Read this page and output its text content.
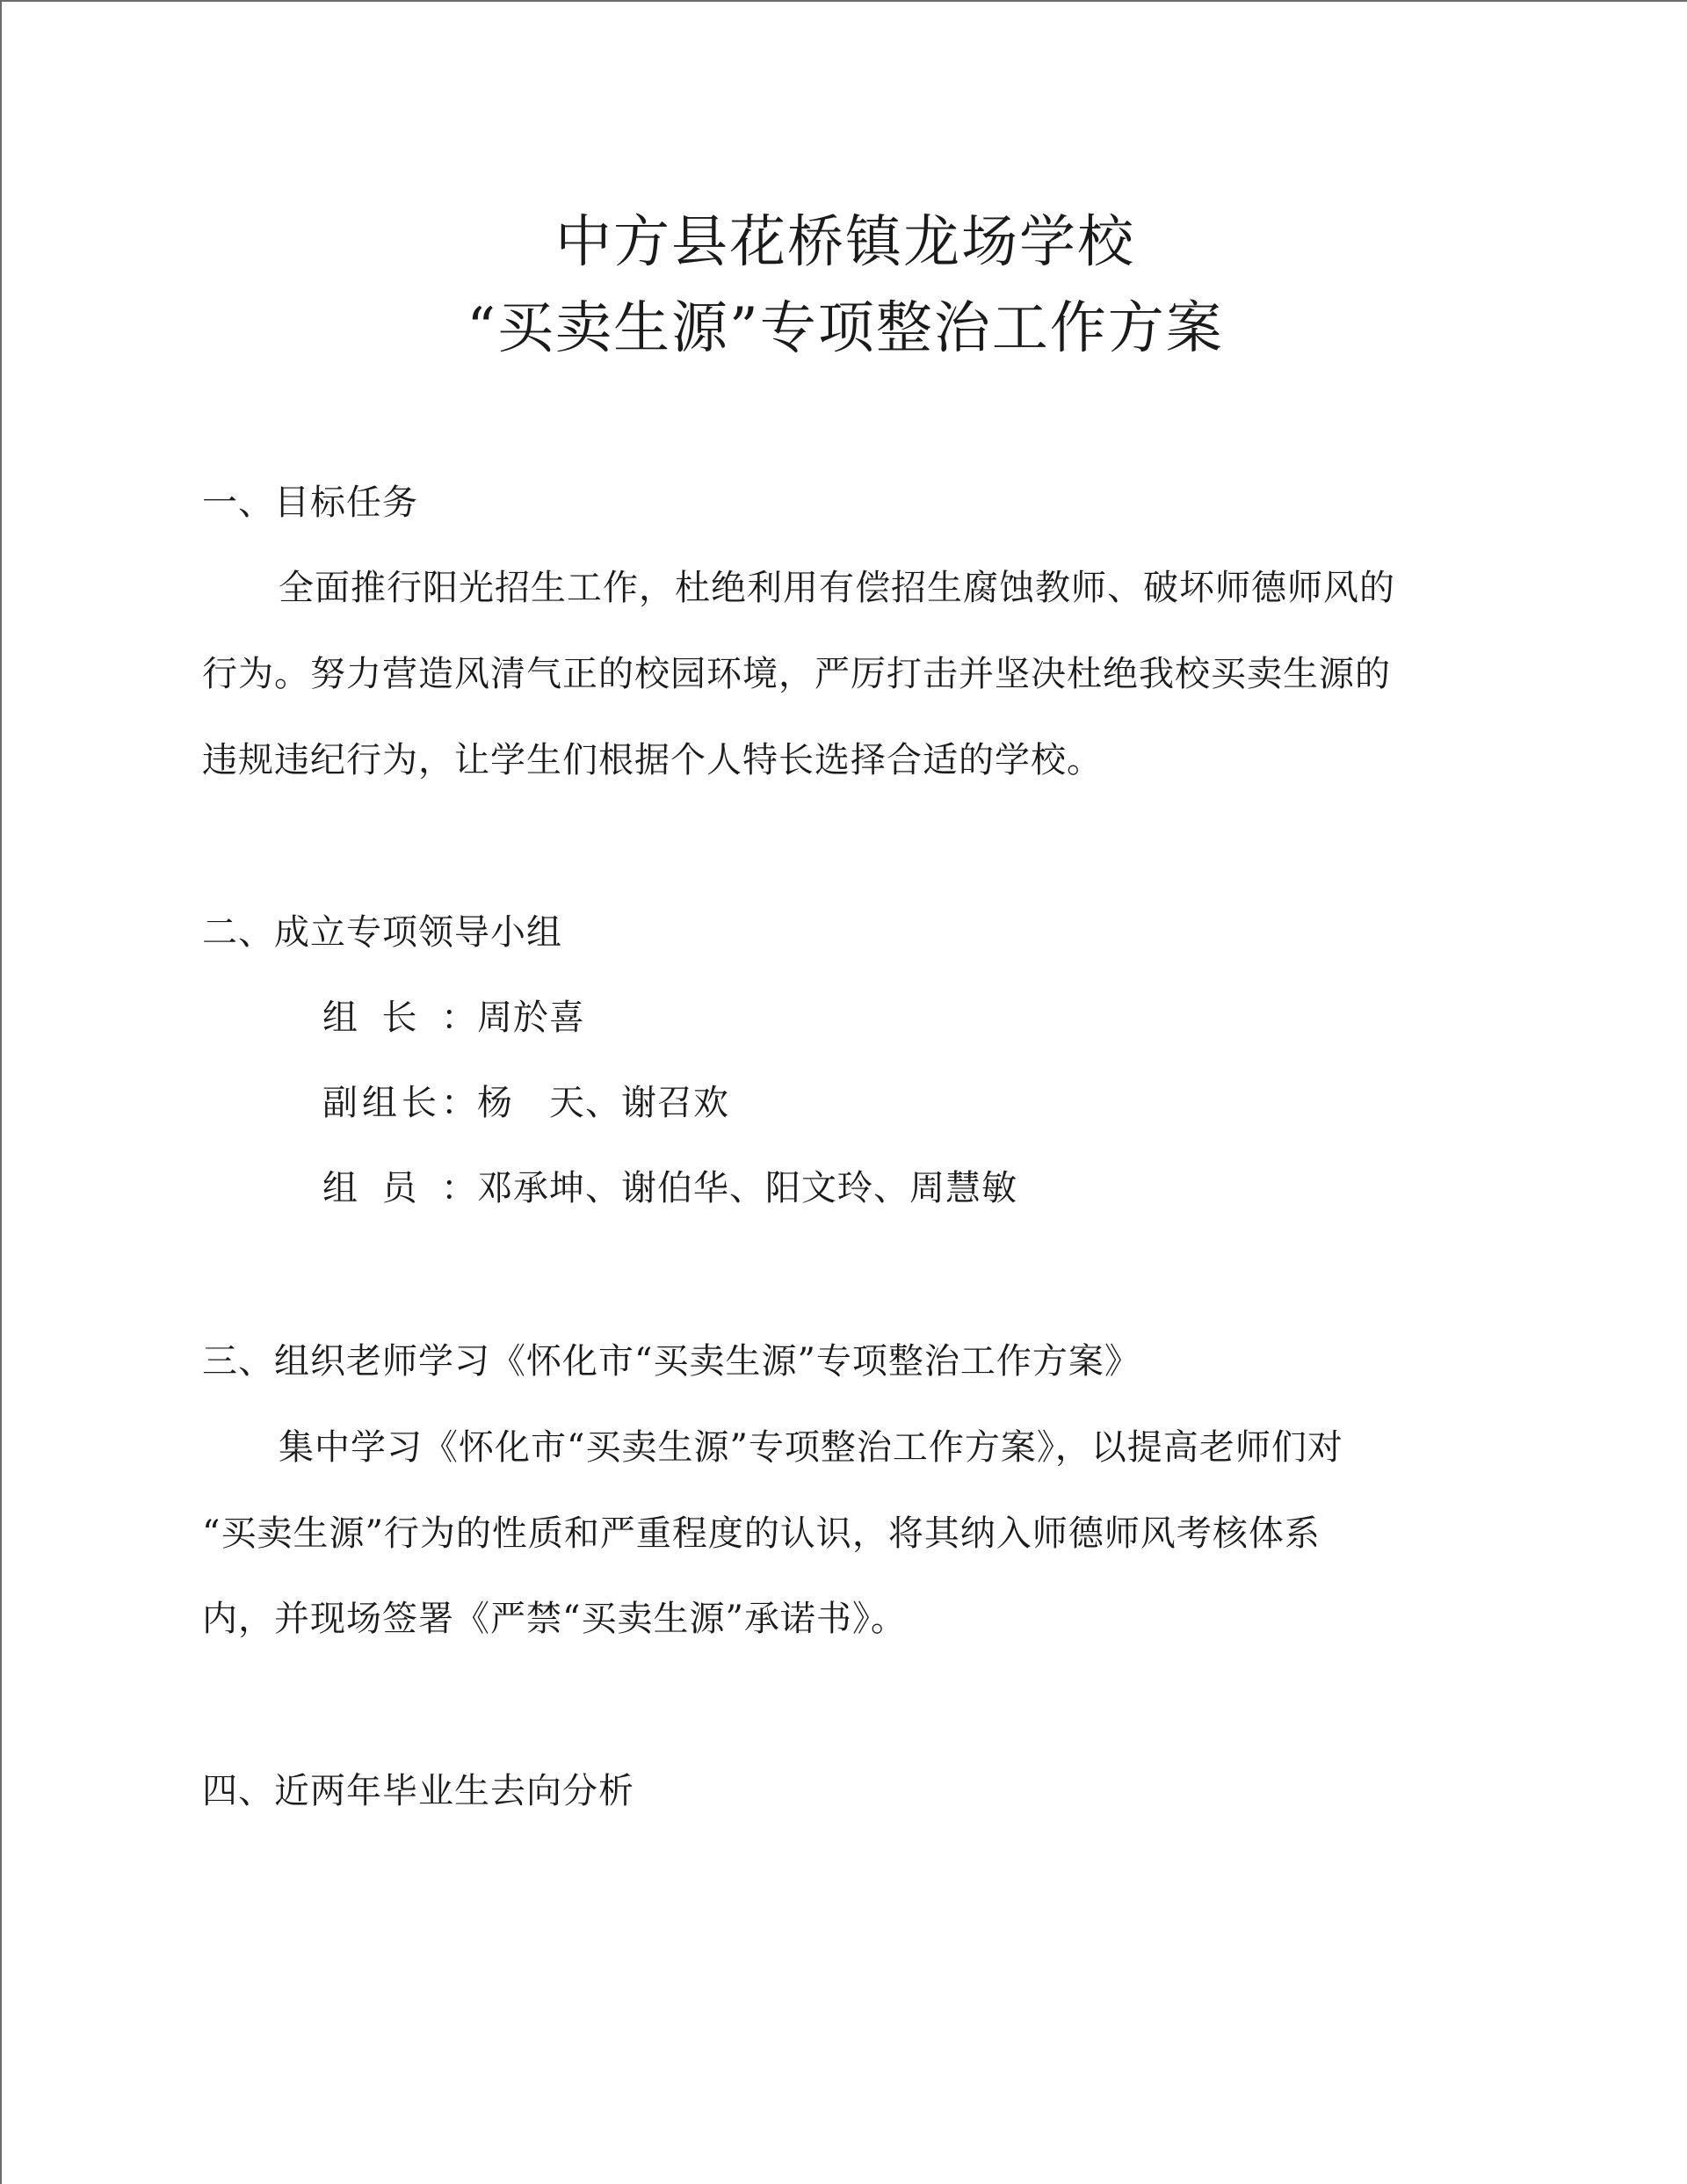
中方县花桥镇龙场学校
“买卖生源”专项整治工作方案
一、目标任务
全面推行阳光招生工作，杜绝利用有偿招生腐蚀教师、破坏师德师风的
行为。努力营造风清气正的校园环境，严厉打击并坚决杜绝我校买卖生源的
违规违纪行为，让学生们根据个人特长选择合适的学校。
二、成立专项领导小组
组长：周於喜
副组长：杨　天、谢召欢
组员：邓承坤、谢伯华、阳文玲、周慧敏
三、组织老师学习《怀化市“买卖生源”专项整治工作方案》
集中学习《怀化市“买卖生源”专项整治工作方案》，以提高老师们对
“买卖生源”行为的性质和严重程度的认识，将其纳入师德师风考核体系
内，并现场签署《严禁“买卖生源”承诺书》。
四、近两年毕业生去向分析
